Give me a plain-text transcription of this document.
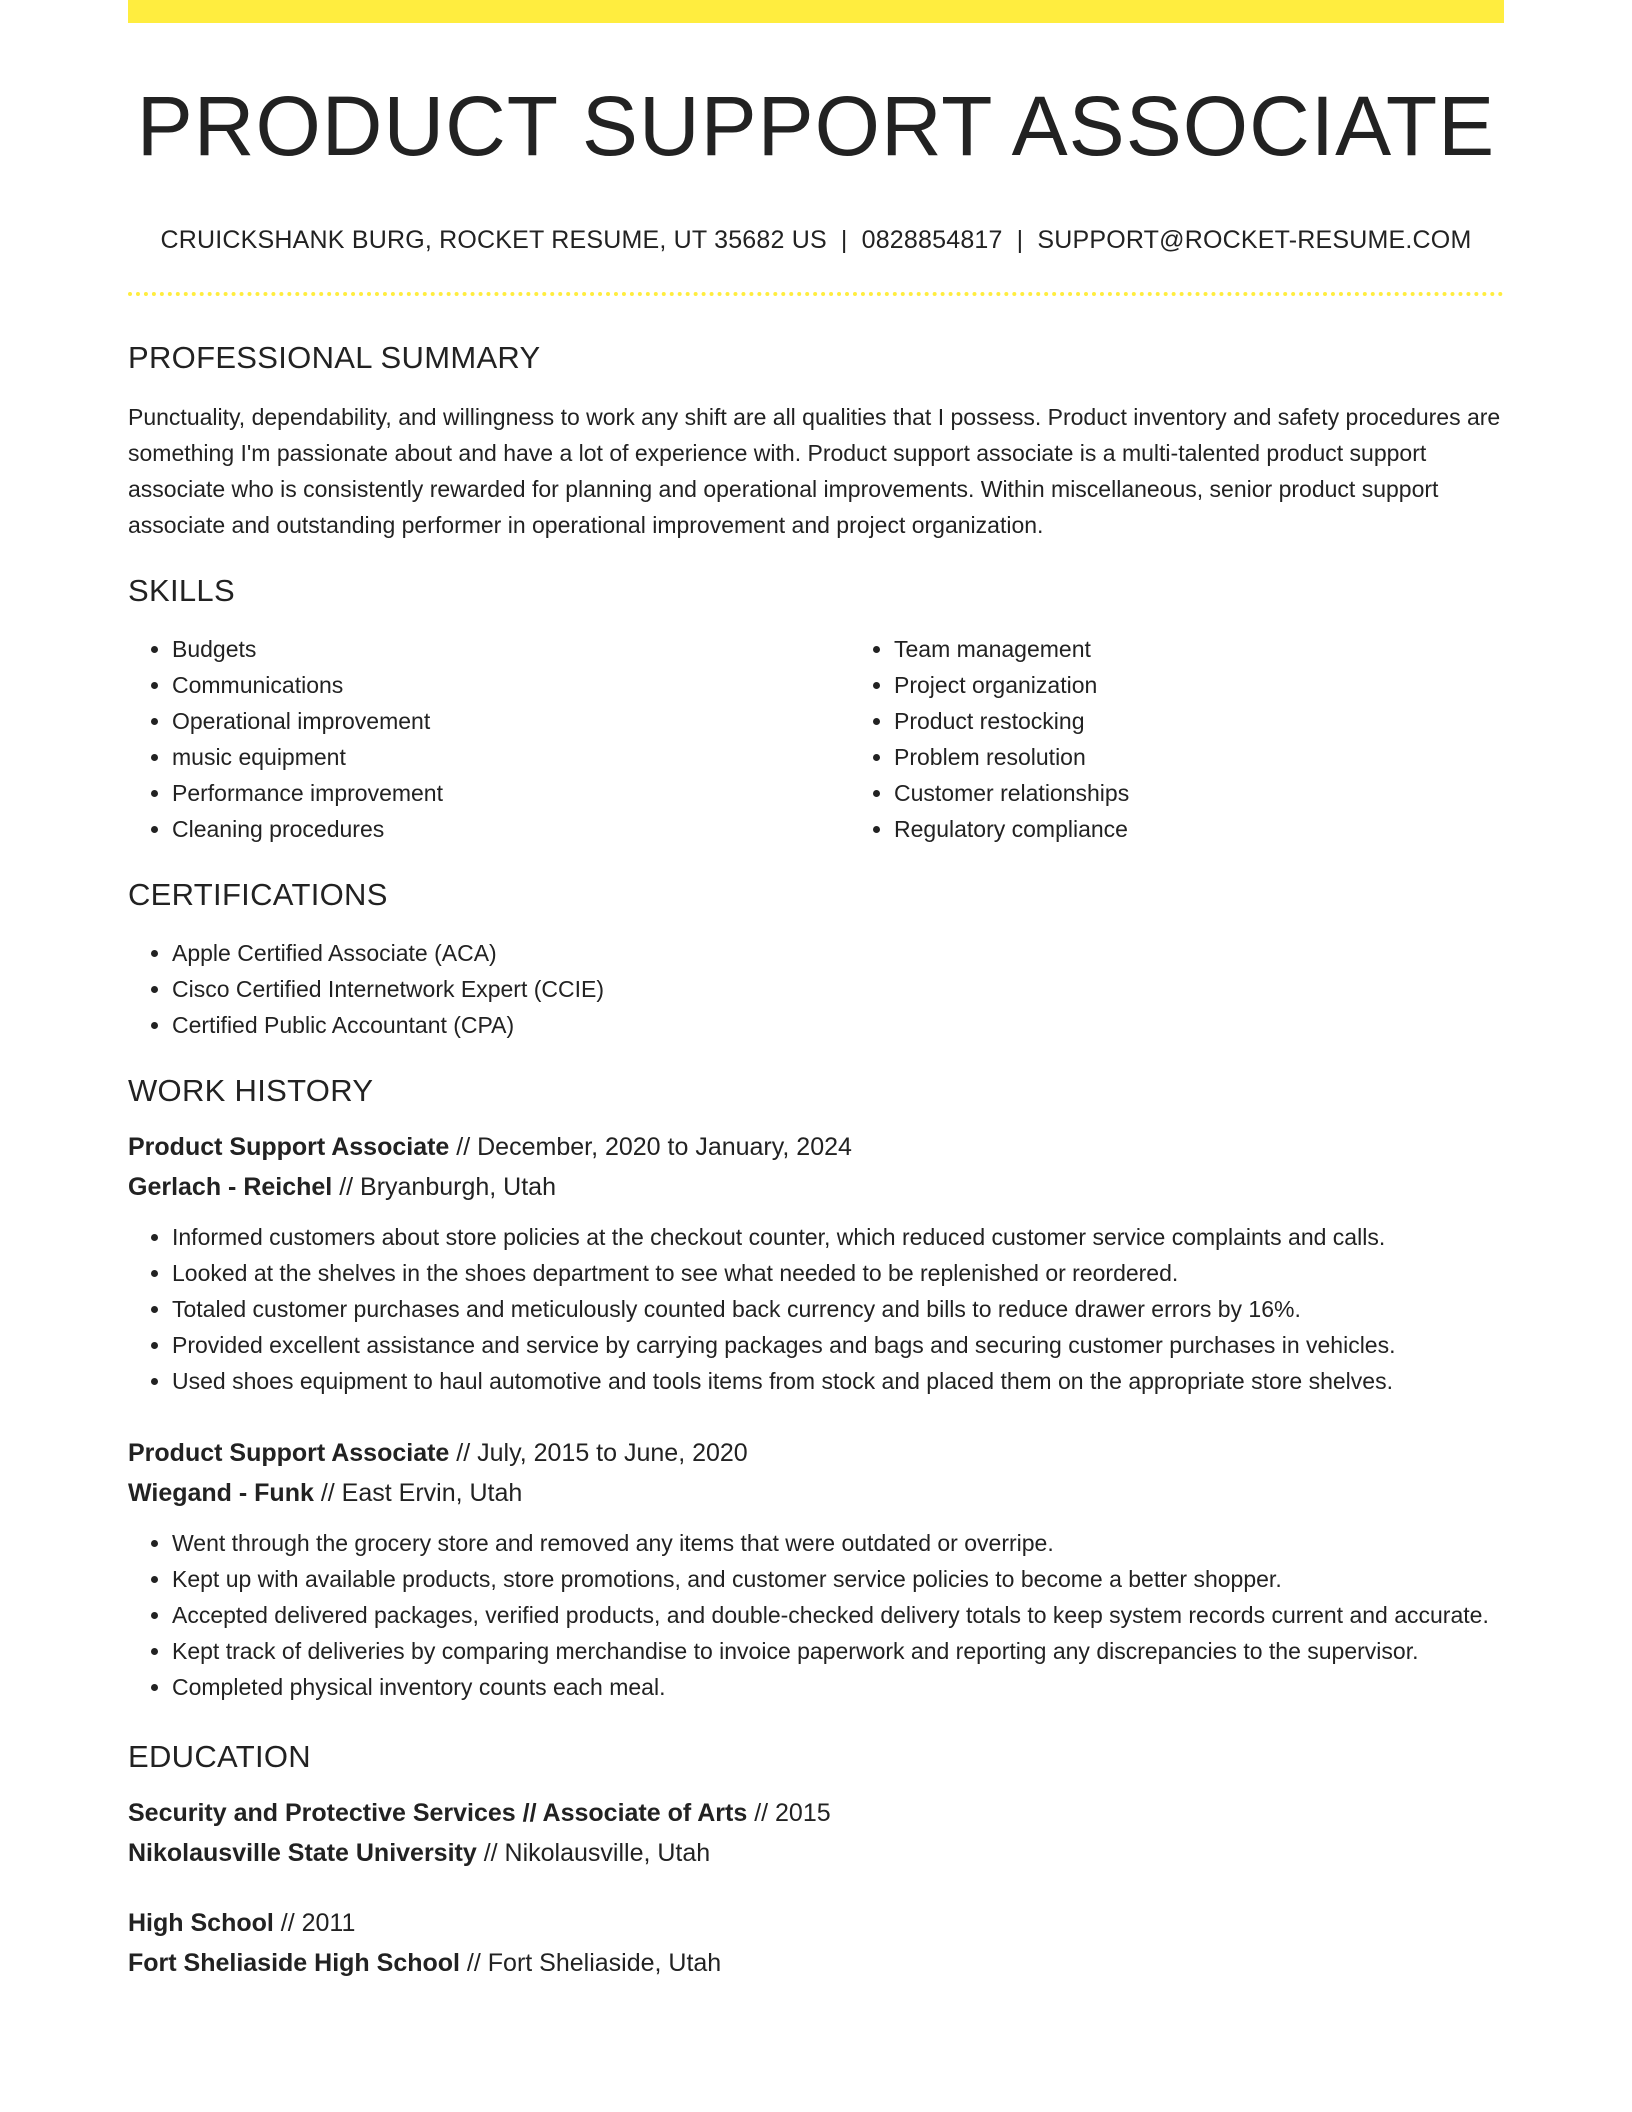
PRODUCT SUPPORT ASSOCIATE
CRUICKSHANK BURG, ROCKET RESUME, UT 35682 US | 0828854817 | SUPPORT@ROCKET-RESUME.COM
PROFESSIONAL SUMMARY

Punctuality, dependability, and willingness to work any shift are all qualities that I possess. Product inventory and safety procedures are something I'm passionate about and have a lot of experience with. Product support associate is a multi-talented product support associate who is consistently rewarded for planning and operational improvements. Within miscellaneous, senior product support associate and outstanding performer in operational improvement and project organization.

SKILLS
• Budgets
• Communications
• Operational improvement
• music equipment
• Performance improvement
• Cleaning procedures
• Team management
• Project organization
• Product restocking
• Problem resolution
• Customer relationships
• Regulatory compliance
CERTIFICATIONS
• Apple Certified Associate (ACA)
• Cisco Certified Internetwork Expert (CCIE)
• Certified Public Accountant (CPA)
WORK HISTORY
Product Support Associate // December, 2020 to January, 2024
Gerlach - Reichel // Bryanburgh, Utah
• Informed customers about store policies at the checkout counter, which reduced customer service complaints and calls.
• Looked at the shelves in the shoes department to see what needed to be replenished or reordered.
• Totaled customer purchases and meticulously counted back currency and bills to reduce drawer errors by 16%.
• Provided excellent assistance and service by carrying packages and bags and securing customer purchases in vehicles.
• Used shoes equipment to haul automotive and tools items from stock and placed them on the appropriate store shelves.
Product Support Associate // July, 2015 to June, 2020
Wiegand - Funk // East Ervin, Utah
• Went through the grocery store and removed any items that were outdated or overripe.
• Kept up with available products, store promotions, and customer service policies to become a better shopper.
• Accepted delivered packages, verified products, and double-checked delivery totals to keep system records current and accurate.
• Kept track of deliveries by comparing merchandise to invoice paperwork and reporting any discrepancies to the supervisor.
• Completed physical inventory counts each meal.
EDUCATION
Security and Protective Services // Associate of Arts // 2015
Nikolausville State University // Nikolausville, Utah
High School // 2011
Fort Sheliaside High School // Fort Sheliaside, Utah
